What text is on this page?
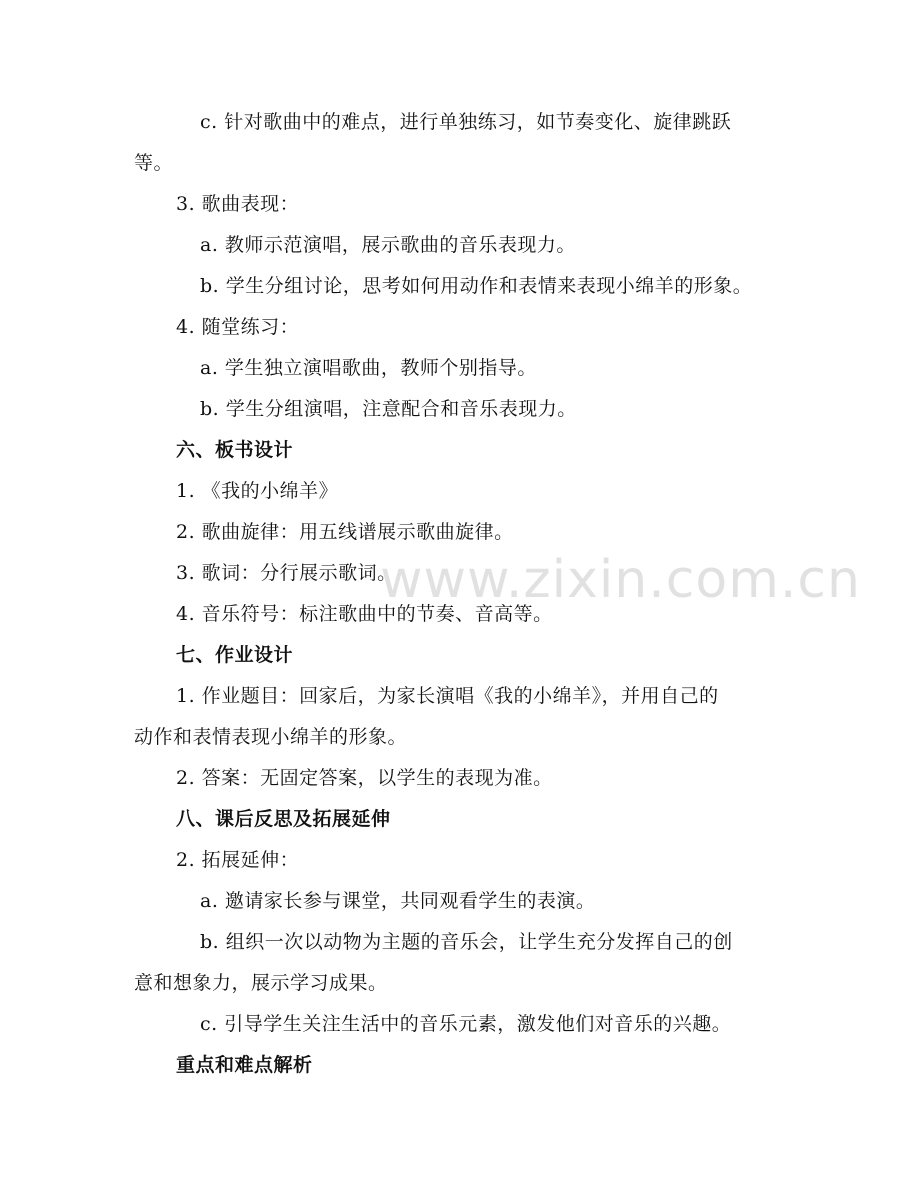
www.zixin.com.cn
c. 针对歌曲中的难点，进行单独练习，如节奏变化、旋律跳跃
等。
3. 歌曲表现：
a. 教师示范演唱，展示歌曲的音乐表现力。
b. 学生分组讨论，思考如何用动作和表情来表现小绵羊的形象。
4. 随堂练习：
a. 学生独立演唱歌曲，教师个别指导。
b. 学生分组演唱，注意配合和音乐表现力。
六、板书设计
1. 《我的小绵羊》
2. 歌曲旋律：用五线谱展示歌曲旋律。
3. 歌词：分行展示歌词。
4. 音乐符号：标注歌曲中的节奏、音高等。
七、作业设计
1. 作业题目：回家后，为家长演唱《我的小绵羊》，并用自己的
动作和表情表现小绵羊的形象。
2. 答案：无固定答案，以学生的表现为准。
八、课后反思及拓展延伸
2. 拓展延伸：
a. 邀请家长参与课堂，共同观看学生的表演。
b. 组织一次以动物为主题的音乐会，让学生充分发挥自己的创
意和想象力，展示学习成果。
c. 引导学生关注生活中的音乐元素，激发他们对音乐的兴趣。
重点和难点解析
